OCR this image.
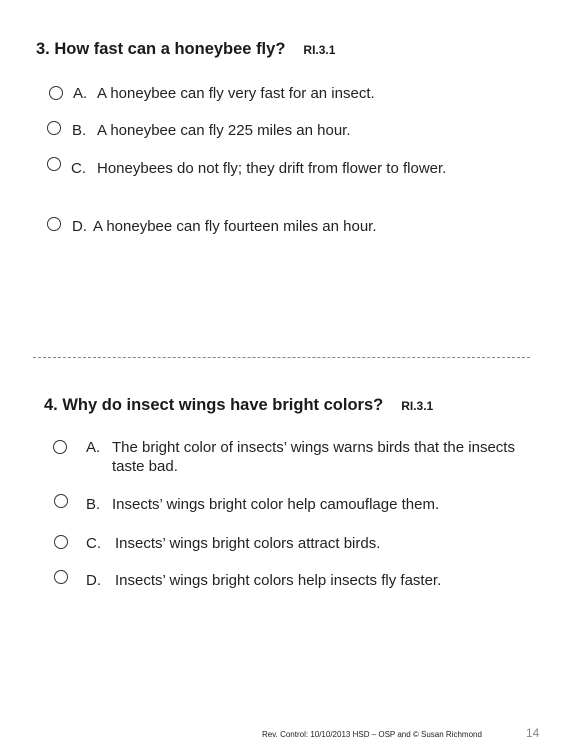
3. How fast can a honeybee fly? RI.3.1
A. A honeybee can fly very fast for an insect.
B. A honeybee can fly 225 miles an hour.
C. Honeybees do not fly; they drift from flower to flower.
D. A honeybee can fly fourteen miles an hour.
4. Why do insect wings have bright colors? RI.3.1
A. The bright color of insects’ wings warns birds that the insects taste bad.
B. Insects’ wings bright color help camouflage them.
C. Insects’ wings bright colors attract birds.
D. Insects’ wings bright colors help insects fly faster.
Rev. Control: 10/10/2013 HSD – OSP and © Susan Richmond	14
